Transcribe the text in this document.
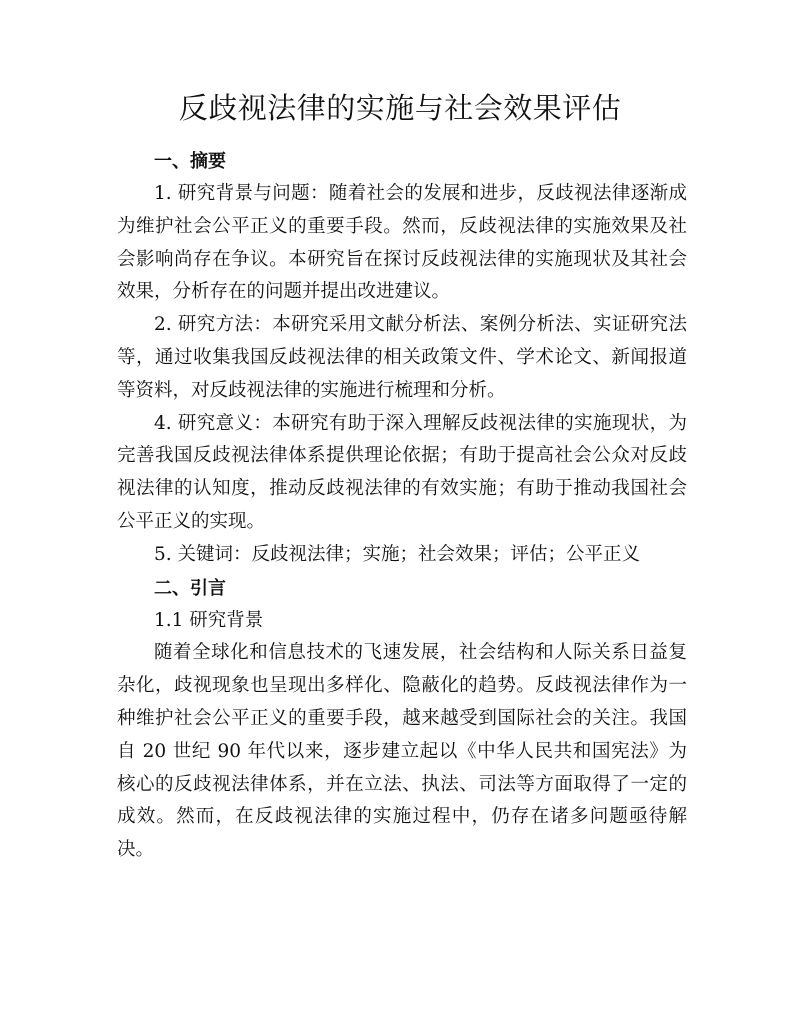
反歧视法律的实施与社会效果评估

一、摘要

1. 研究背景与问题：随着社会的发展和进步，反歧视法律逐渐成为维护社会公平正义的重要手段。然而，反歧视法律的实施效果及社会影响尚存在争议。本研究旨在探讨反歧视法律的实施现状及其社会效果，分析存在的问题并提出改进建议。

2. 研究方法：本研究采用文献分析法、案例分析法、实证研究法等，通过收集我国反歧视法律的相关政策文件、学术论文、新闻报道等资料，对反歧视法律的实施进行梳理和分析。

4. 研究意义：本研究有助于深入理解反歧视法律的实施现状，为完善我国反歧视法律体系提供理论依据；有助于提高社会公众对反歧视法律的认知度，推动反歧视法律的有效实施；有助于推动我国社会公平正义的实现。

5. 关键词：反歧视法律；实施；社会效果；评估；公平正义

二、引言

1.1 研究背景

随着全球化和信息技术的飞速发展，社会结构和人际关系日益复杂化，歧视现象也呈现出多样化、隐蔽化的趋势。反歧视法律作为一种维护社会公平正义的重要手段，越来越受到国际社会的关注。我国自 20 世纪 90 年代以来，逐步建立起以《中华人民共和国宪法》为核心的反歧视法律体系，并在立法、执法、司法等方面取得了一定的成效。然而，在反歧视法律的实施过程中，仍存在诸多问题亟待解决。
